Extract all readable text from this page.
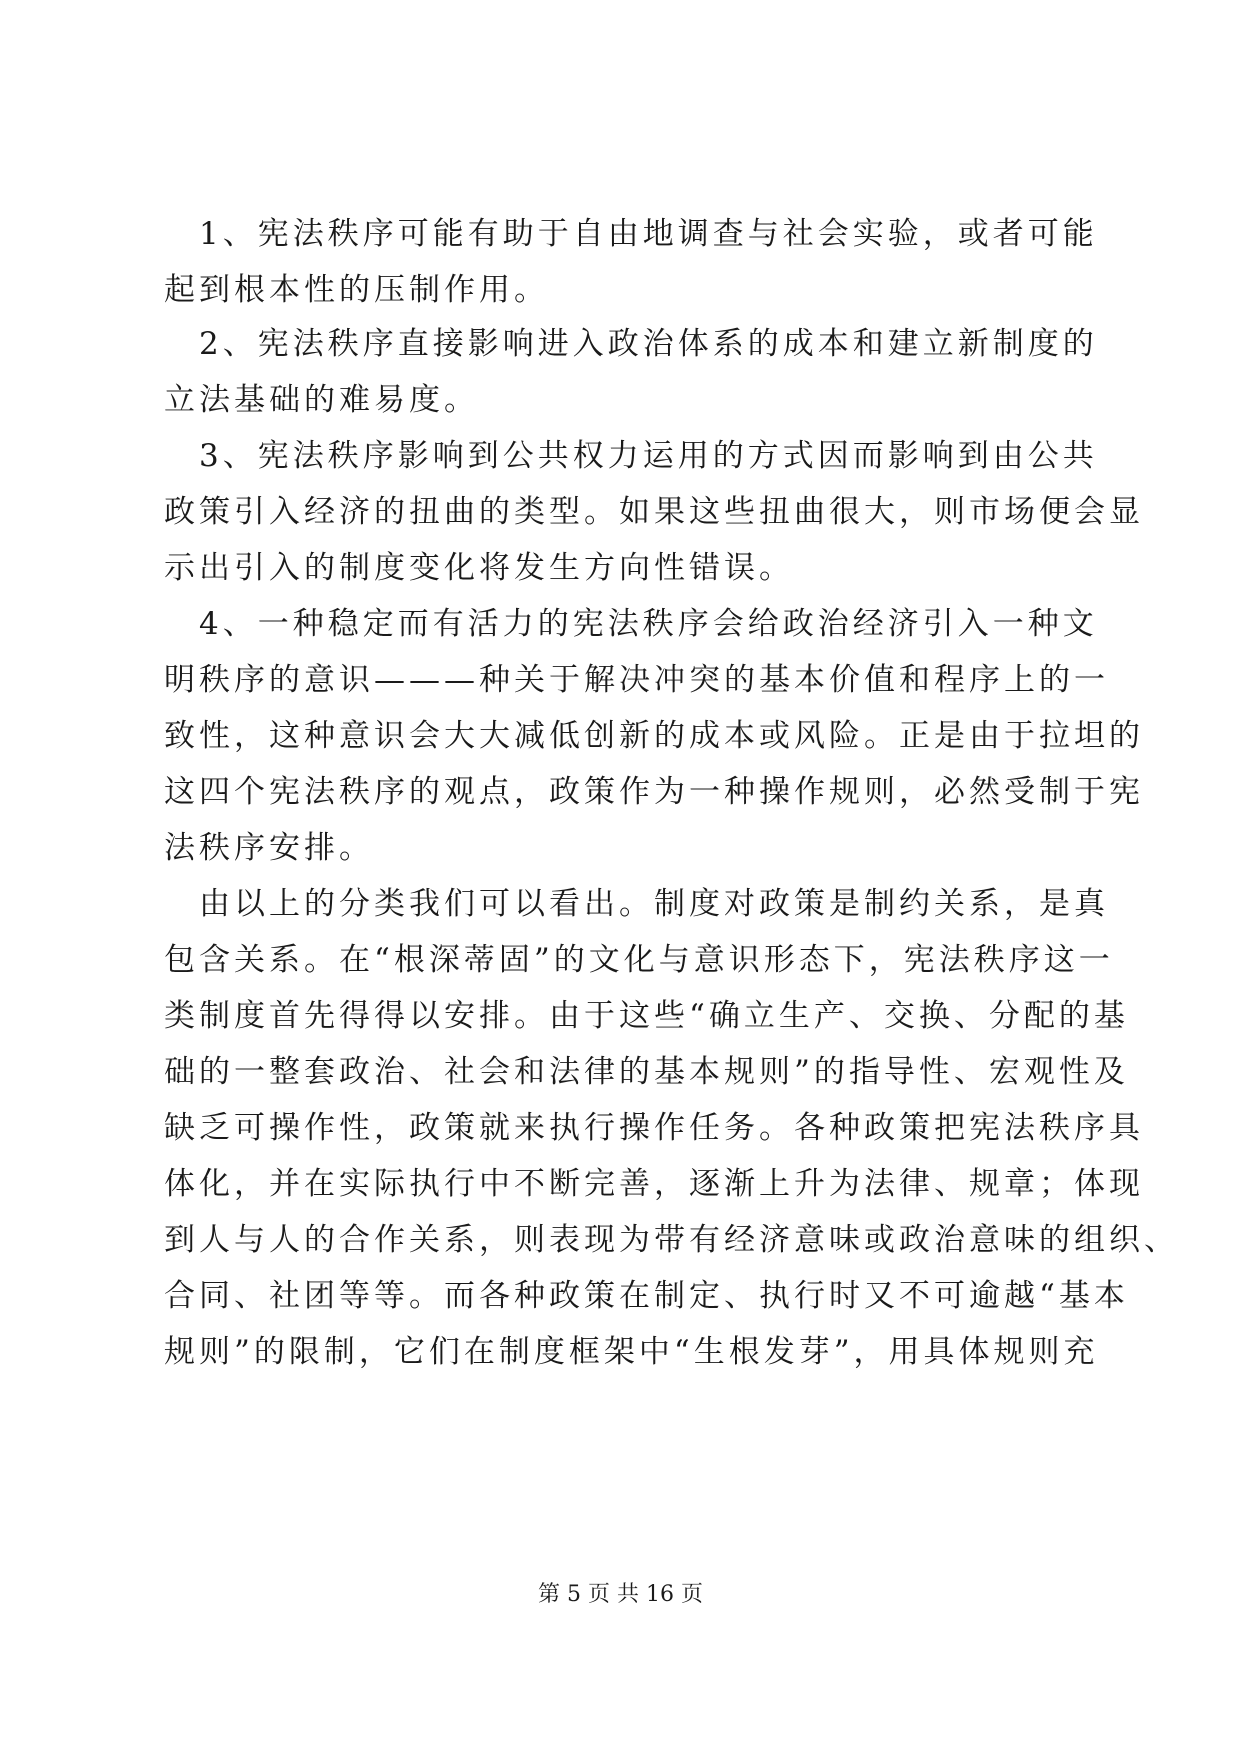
　1、宪法秩序可能有助于自由地调查与社会实验，或者可能
起到根本性的压制作用。
　2、宪法秩序直接影响进入政治体系的成本和建立新制度的
立法基础的难易度。
　3、宪法秩序影响到公共权力运用的方式因而影响到由公共
政策引入经济的扭曲的类型。如果这些扭曲很大，则市场便会显
示出引入的制度变化将发生方向性错误。
　4、一种稳定而有活力的宪法秩序会给政治经济引入一种文
明秩序的意识———种关于解决冲突的基本价值和程序上的一
致性，这种意识会大大减低创新的成本或风险。正是由于拉坦的
这四个宪法秩序的观点，政策作为一种操作规则，必然受制于宪
法秩序安排。
　由以上的分类我们可以看出。制度对政策是制约关系，是真
包含关系。在“根深蒂固”的文化与意识形态下，宪法秩序这一
类制度首先得得以安排。由于这些“确立生产、交换、分配的基
础的一整套政治、社会和法律的基本规则”的指导性、宏观性及
缺乏可操作性，政策就来执行操作任务。各种政策把宪法秩序具
体化，并在实际执行中不断完善，逐渐上升为法律、规章；体现
到人与人的合作关系，则表现为带有经济意味或政治意味的组织、
合同、社团等等。而各种政策在制定、执行时又不可逾越“基本
规则”的限制，它们在制度框架中“生根发芽”，用具体规则充
第 5 页 共 16 页
